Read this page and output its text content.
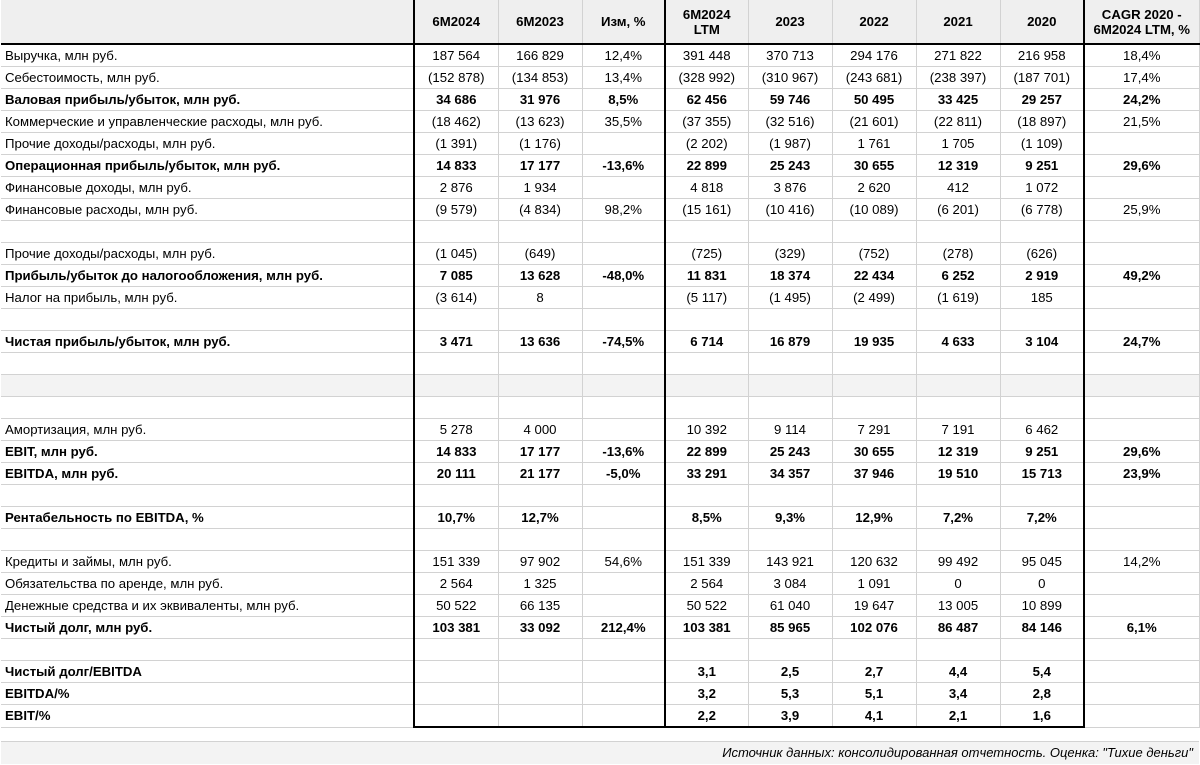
	6М2024	6М2023	Изм, %	6М2024 LTM	2023	2022	2021	2020	CAGR 2020 - 6М2024 LTM, %
Выручка, млн руб.	187 564	166 829	12,4%	391 448	370 713	294 176	271 822	216 958	18,4%
Себестоимость, млн руб.	(152 878)	(134 853)	13,4%	(328 992)	(310 967)	(243 681)	(238 397)	(187 701)	17,4%
Валовая прибыль/убыток, млн руб.	34 686	31 976	8,5%	62 456	59 746	50 495	33 425	29 257	24,2%
Коммерческие и управленческие расходы, млн руб.	(18 462)	(13 623)	35,5%	(37 355)	(32 516)	(21 601)	(22 811)	(18 897)	21,5%
Прочие доходы/расходы, млн руб.	(1 391)	(1 176)		(2 202)	(1 987)	1 761	1 705	(1 109)	
Операционная прибыль/убыток, млн руб.	14 833	17 177	-13,6%	22 899	25 243	30 655	12 319	9 251	29,6%
Финансовые доходы, млн руб.	2 876	1 934		4 818	3 876	2 620	412	1 072	
Финансовые расходы, млн руб.	(9 579)	(4 834)	98,2%	(15 161)	(10 416)	(10 089)	(6 201)	(6 778)	25,9%

Прочие доходы/расходы, млн руб.	(1 045)	(649)		(725)	(329)	(752)	(278)	(626)	
Прибыль/убыток до налогообложения, млн руб.	7 085	13 628	-48,0%	11 831	18 374	22 434	6 252	2 919	49,2%
Налог на прибыль, млн руб.	(3 614)	8		(5 117)	(1 495)	(2 499)	(1 619)	185	

Чистая прибыль/убыток, млн руб.	3 471	13 636	-74,5%	6 714	16 879	19 935	4 633	3 104	24,7%

Амортизация, млн руб.	5 278	4 000		10 392	9 114	7 291	7 191	6 462	
EBIT, млн руб.	14 833	17 177	-13,6%	22 899	25 243	30 655	12 319	9 251	29,6%
EBITDA, млн руб.	20 111	21 177	-5,0%	33 291	34 357	37 946	19 510	15 713	23,9%

Рентабельность по EBITDA, %	10,7%	12,7%		8,5%	9,3%	12,9%	7,2%	7,2%	

Кредиты и займы, млн руб.	151 339	97 902	54,6%	151 339	143 921	120 632	99 492	95 045	14,2%
Обязательства по аренде, млн руб.	2 564	1 325		2 564	3 084	1 091	0	0	
Денежные средства и их эквиваленты, млн руб.	50 522	66 135		50 522	61 040	19 647	13 005	10 899	
Чистый долг, млн руб.	103 381	33 092	212,4%	103 381	85 965	102 076	86 487	84 146	6,1%

Чистый долг/EBITDA				3,1	2,5	2,7	4,4	5,4	
EBITDA/%				3,2	5,3	5,1	3,4	2,8	
EBIT/%				2,2	3,9	4,1	2,1	1,6	
Источник данных: консолидированная отчетность. Оценка: "Тихие деньги"
